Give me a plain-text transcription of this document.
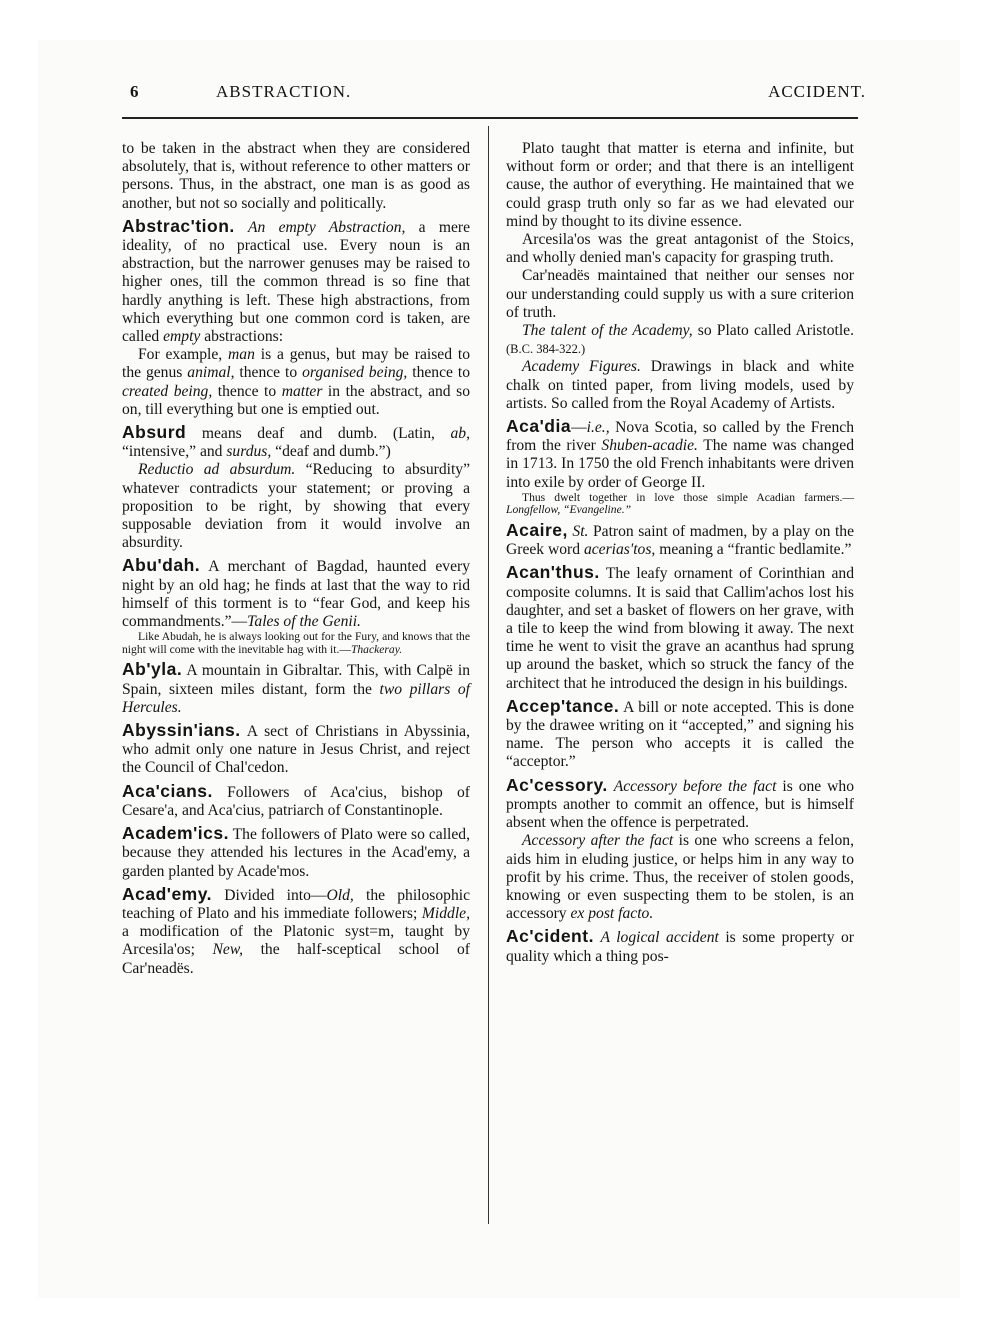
6	ABSTRACTION.	ACCIDENT.

to be taken in the abstract when they are considered absolutely, that is, without reference to other matters or persons. Thus, in the abstract, one man is as good as another, but not so socially and politically.

Abstrac'tion. An empty Abstraction, a mere ideality, of no practical use. Every noun is an abstraction, but the narrower genuses may be raised to higher ones, till the common thread is so fine that hardly anything is left. These high abstractions, from which everything but one common cord is taken, are called empty abstractions:

For example, man is a genus, but may be raised to the genus animal, thence to organised being, thence to created being, thence to matter in the abstract, and so on, till everything but one is emptied out.

Absurd means deaf and dumb. (Latin, ab, “intensive,” and surdus, “deaf and dumb.”)

Reductio ad absurdum. “Reducing to absurdity” whatever contradicts your statement; or proving a proposition to be right, by showing that every supposable deviation from it would involve an absurdity.

Abu'dah. A merchant of Bagdad, haunted every night by an old hag; he finds at last that the way to rid himself of this torment is to “fear God, and keep his commandments.”—Tales of the Genii.

Like Abudah, he is always looking out for the Fury, and knows that the night will come with the inevitable hag with it.—Thackeray.

Ab'yla. A mountain in Gibraltar. This, with Calpë in Spain, sixteen miles distant, form the two pillars of Hercules.

Abyssin'ians. A sect of Christians in Abyssinia, who admit only one nature in Jesus Christ, and reject the Council of Chal'cedon.

Aca'cians. Followers of Aca'cius, bishop of Cesare'a, and Aca'cius, patriarch of Constantinople.

Academ'ics. The followers of Plato were so called, because they attended his lectures in the Acad'emy, a garden planted by Acade'mos.

Acad'emy. Divided into—Old, the philosophic teaching of Plato and his immediate followers; Middle, a modification of the Platonic syst=m, taught by Arcesila'os; New, the half-sceptical school of Car'neadës.

Plato taught that matter is eterna and infinite, but without form or order; and that there is an intelligent cause, the author of everything. He maintained that we could grasp truth only so far as we had elevated our mind by thought to its divine essence.

Arcesila'os was the great antagonist of the Stoics, and wholly denied man's capacity for grasping truth.

Car'neadës maintained that neither our senses nor our understanding could supply us with a sure criterion of truth.

The talent of the Academy, so Plato called Aristotle. (B.C. 384-322.)

Academy Figures. Drawings in black and white chalk on tinted paper, from living models, used by artists. So called from the Royal Academy of Artists.

Aca'dia—i.e., Nova Scotia, so called by the French from the river Shuben-acadie. The name was changed in 1713. In 1750 the old French inhabitants were driven into exile by order of George II.

Thus dwelt together in love those simple Acadian farmers.—Longfellow, “Evangeline.”

Acaire, St. Patron saint of madmen, by a play on the Greek word acerias'tos, meaning a “frantic bedlamite.”

Acan'thus. The leafy ornament of Corinthian and composite columns. It is said that Callim'achos lost his daughter, and set a basket of flowers on her grave, with a tile to keep the wind from blowing it away. The next time he went to visit the grave an acanthus had sprung up around the basket, which so struck the fancy of the architect that he introduced the design in his buildings.

Accep'tance. A bill or note accepted. This is done by the drawee writing on it “accepted,” and signing his name. The person who accepts it is called the “acceptor.”

Ac'cessory. Accessory before the fact is one who prompts another to commit an offence, but is himself absent when the offence is perpetrated.

Accessory after the fact is one who screens a felon, aids him in eluding justice, or helps him in any way to profit by his crime. Thus, the receiver of stolen goods, knowing or even suspecting them to be stolen, is an accessory ex post facto.

Ac'cident. A logical accident is some property or quality which a thing pos-
